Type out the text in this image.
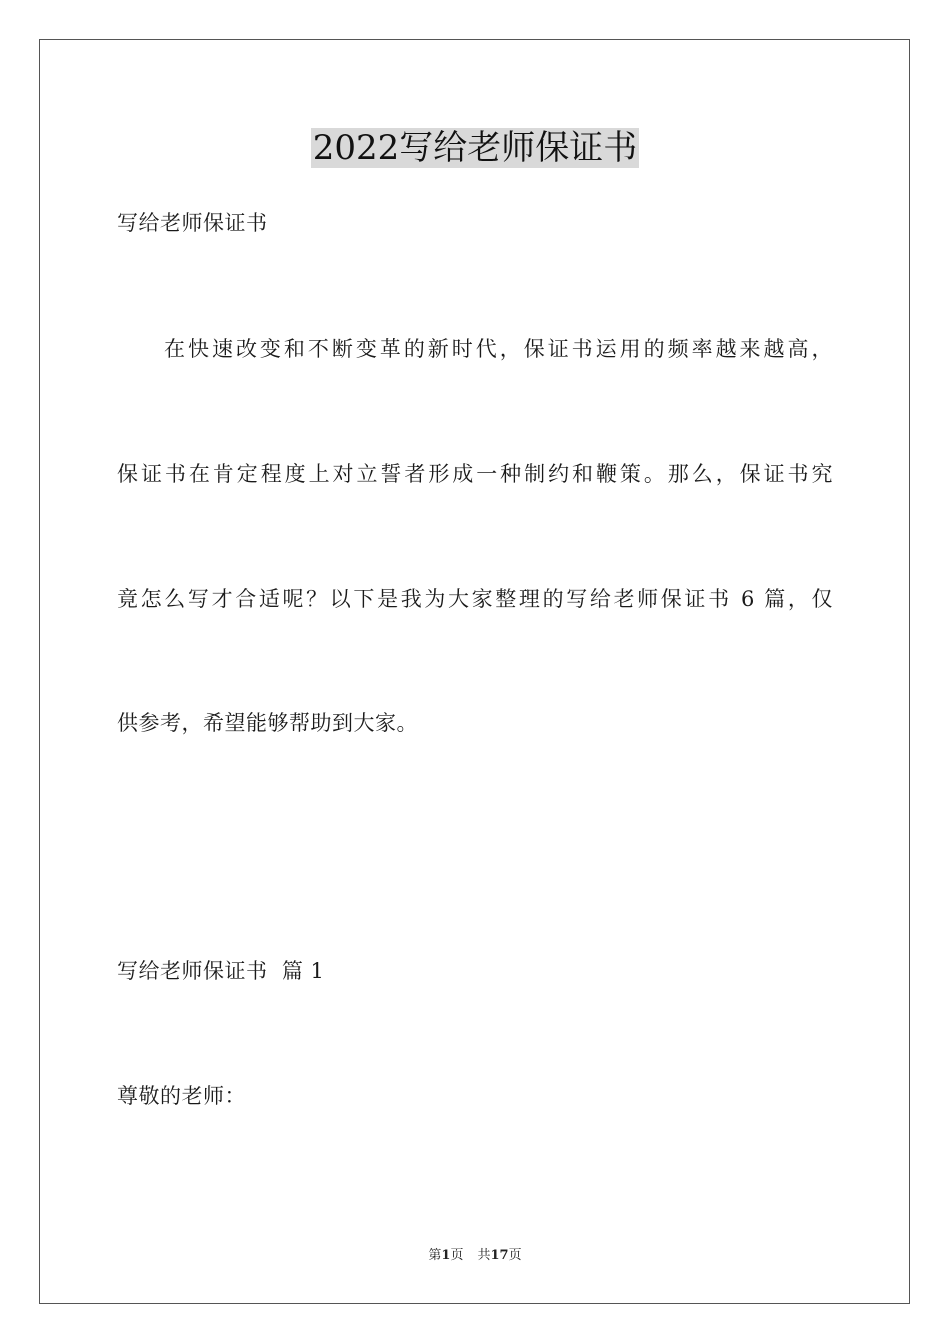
2022写给老师保证书
写给老师保证书
在快速改变和不断变革的新时代，保证书运用的频率越来越高，
保证书在肯定程度上对立誓者形成一种制约和鞭策。那么，保证书究
竟怎么写才合适呢？以下是我为大家整理的写给老师保证书 6 篇，仅
供参考，希望能够帮助到大家。
写给老师保证书  篇 1
尊敬的老师：
第1页 共17页
